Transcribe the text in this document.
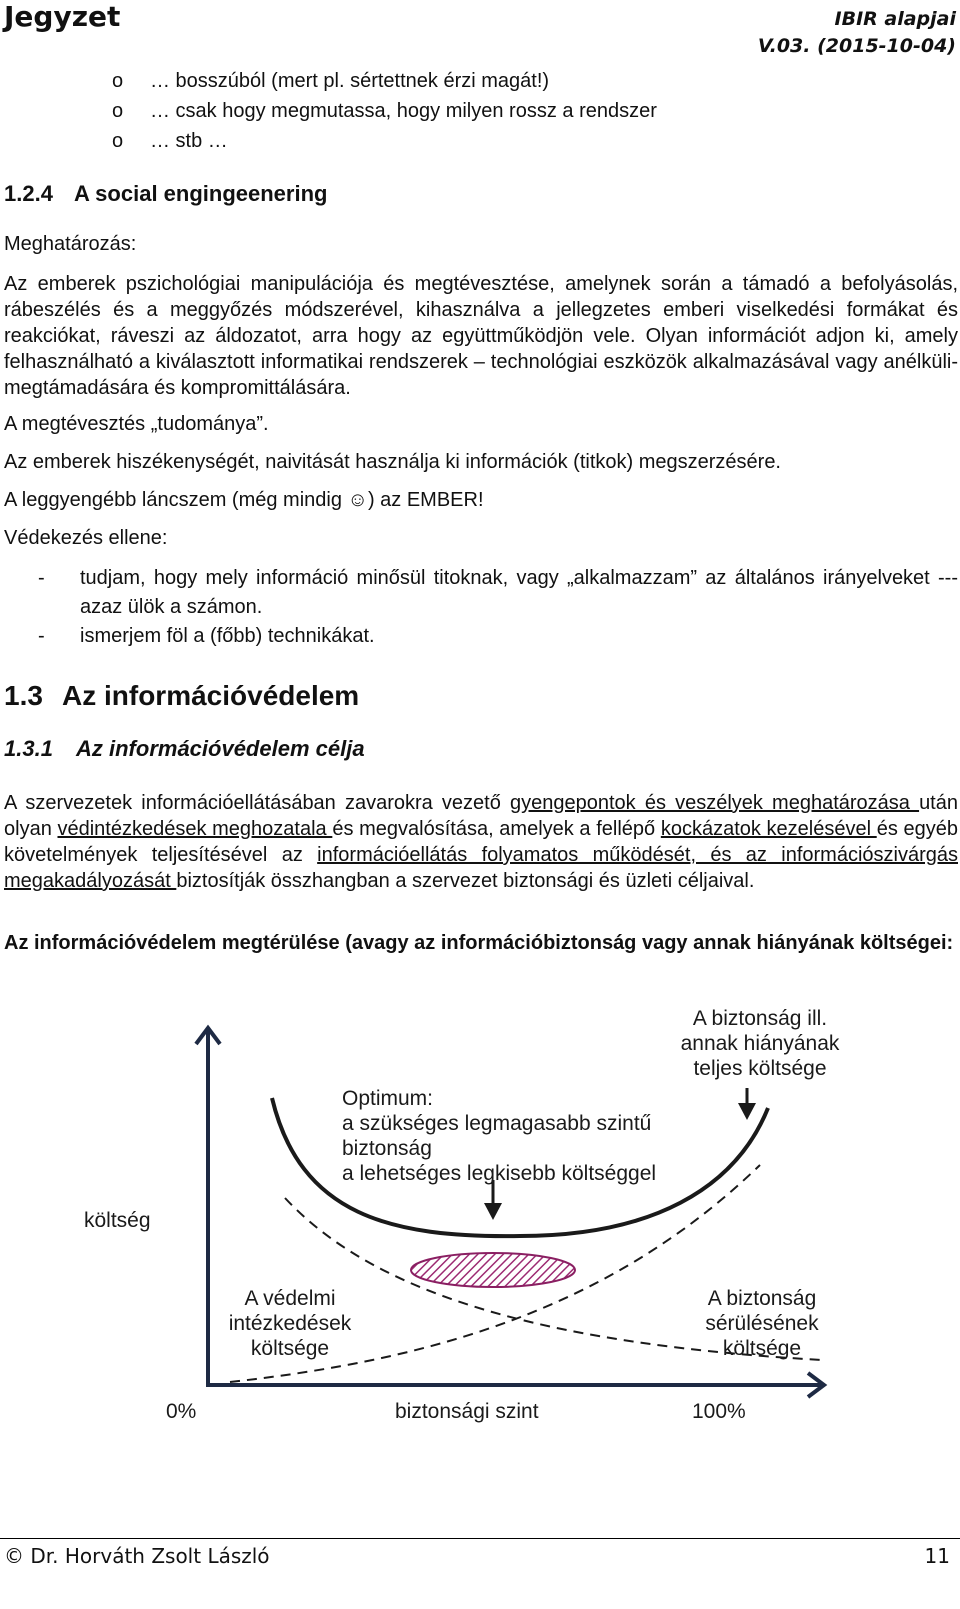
Jegyzet	IBIR alapjai
V.03. (2015-10-04)
o	… bosszúból (mert pl. sértettnek érzi magát!)
o	… csak hogy megmutassa, hogy milyen rossz a rendszer
o	… stb …
1.2.4 A social engingeenering
Meghatározás:
Az emberek pszichológiai manipulációja és megtévesztése, amelynek során a támadó a befolyásolás, rábeszélés és a meggyőzés módszerével, kihasználva a jellegzetes emberi viselkedési formákat és reakciókat, ráveszi az áldozatot, arra hogy az együttműködjön vele. Olyan információt adjon ki, amely felhasználható a kiválasztott informatikai rendszerek – technológiai eszközök alkalmazásával vagy anélküli- megtámadására és kompromittálására.
A megtévesztés „tudománya”.
Az emberek hiszékenységét, naivitását használja ki információk (titkok) megszerzésére.
A leggyengébb láncszem (még mindig ☺) az EMBER!
Védekezés ellene:
-	tudjam, hogy mely információ minősül titoknak, vagy „alkalmazzam” az általános irányelveket --- azaz ülök a számon.
-	ismerjem föl a (főbb) technikákat.
1.3 Az információvédelem
1.3.1 Az információvédelem célja
A szervezetek információellátásában zavarokra vezető gyengepontok és veszélyek meghatározása után olyan védintézkedések meghozatala és megvalósítása, amelyek a fellépő kockázatok kezelésével és egyéb követelmények teljesítésével az információellátás folyamatos működését, és az információszivárgás megakadályozását biztosítják összhangban a szervezet biztonsági és üzleti céljaival.
Az információvédelem megtérülése (avagy az információbiztonság vagy annak hiányának költségei:
A biztonság ill.
annak hiányának
teljes költsége
Optimum:
a szükséges legmagasabb szintű
biztonság
a lehetséges legkisebb költséggel
költség
A védelmi
intézkedések
költsége
A biztonság
sérülésének
költsége
0%	biztonsági szint	100%
© Dr. Horváth Zsolt László	11
